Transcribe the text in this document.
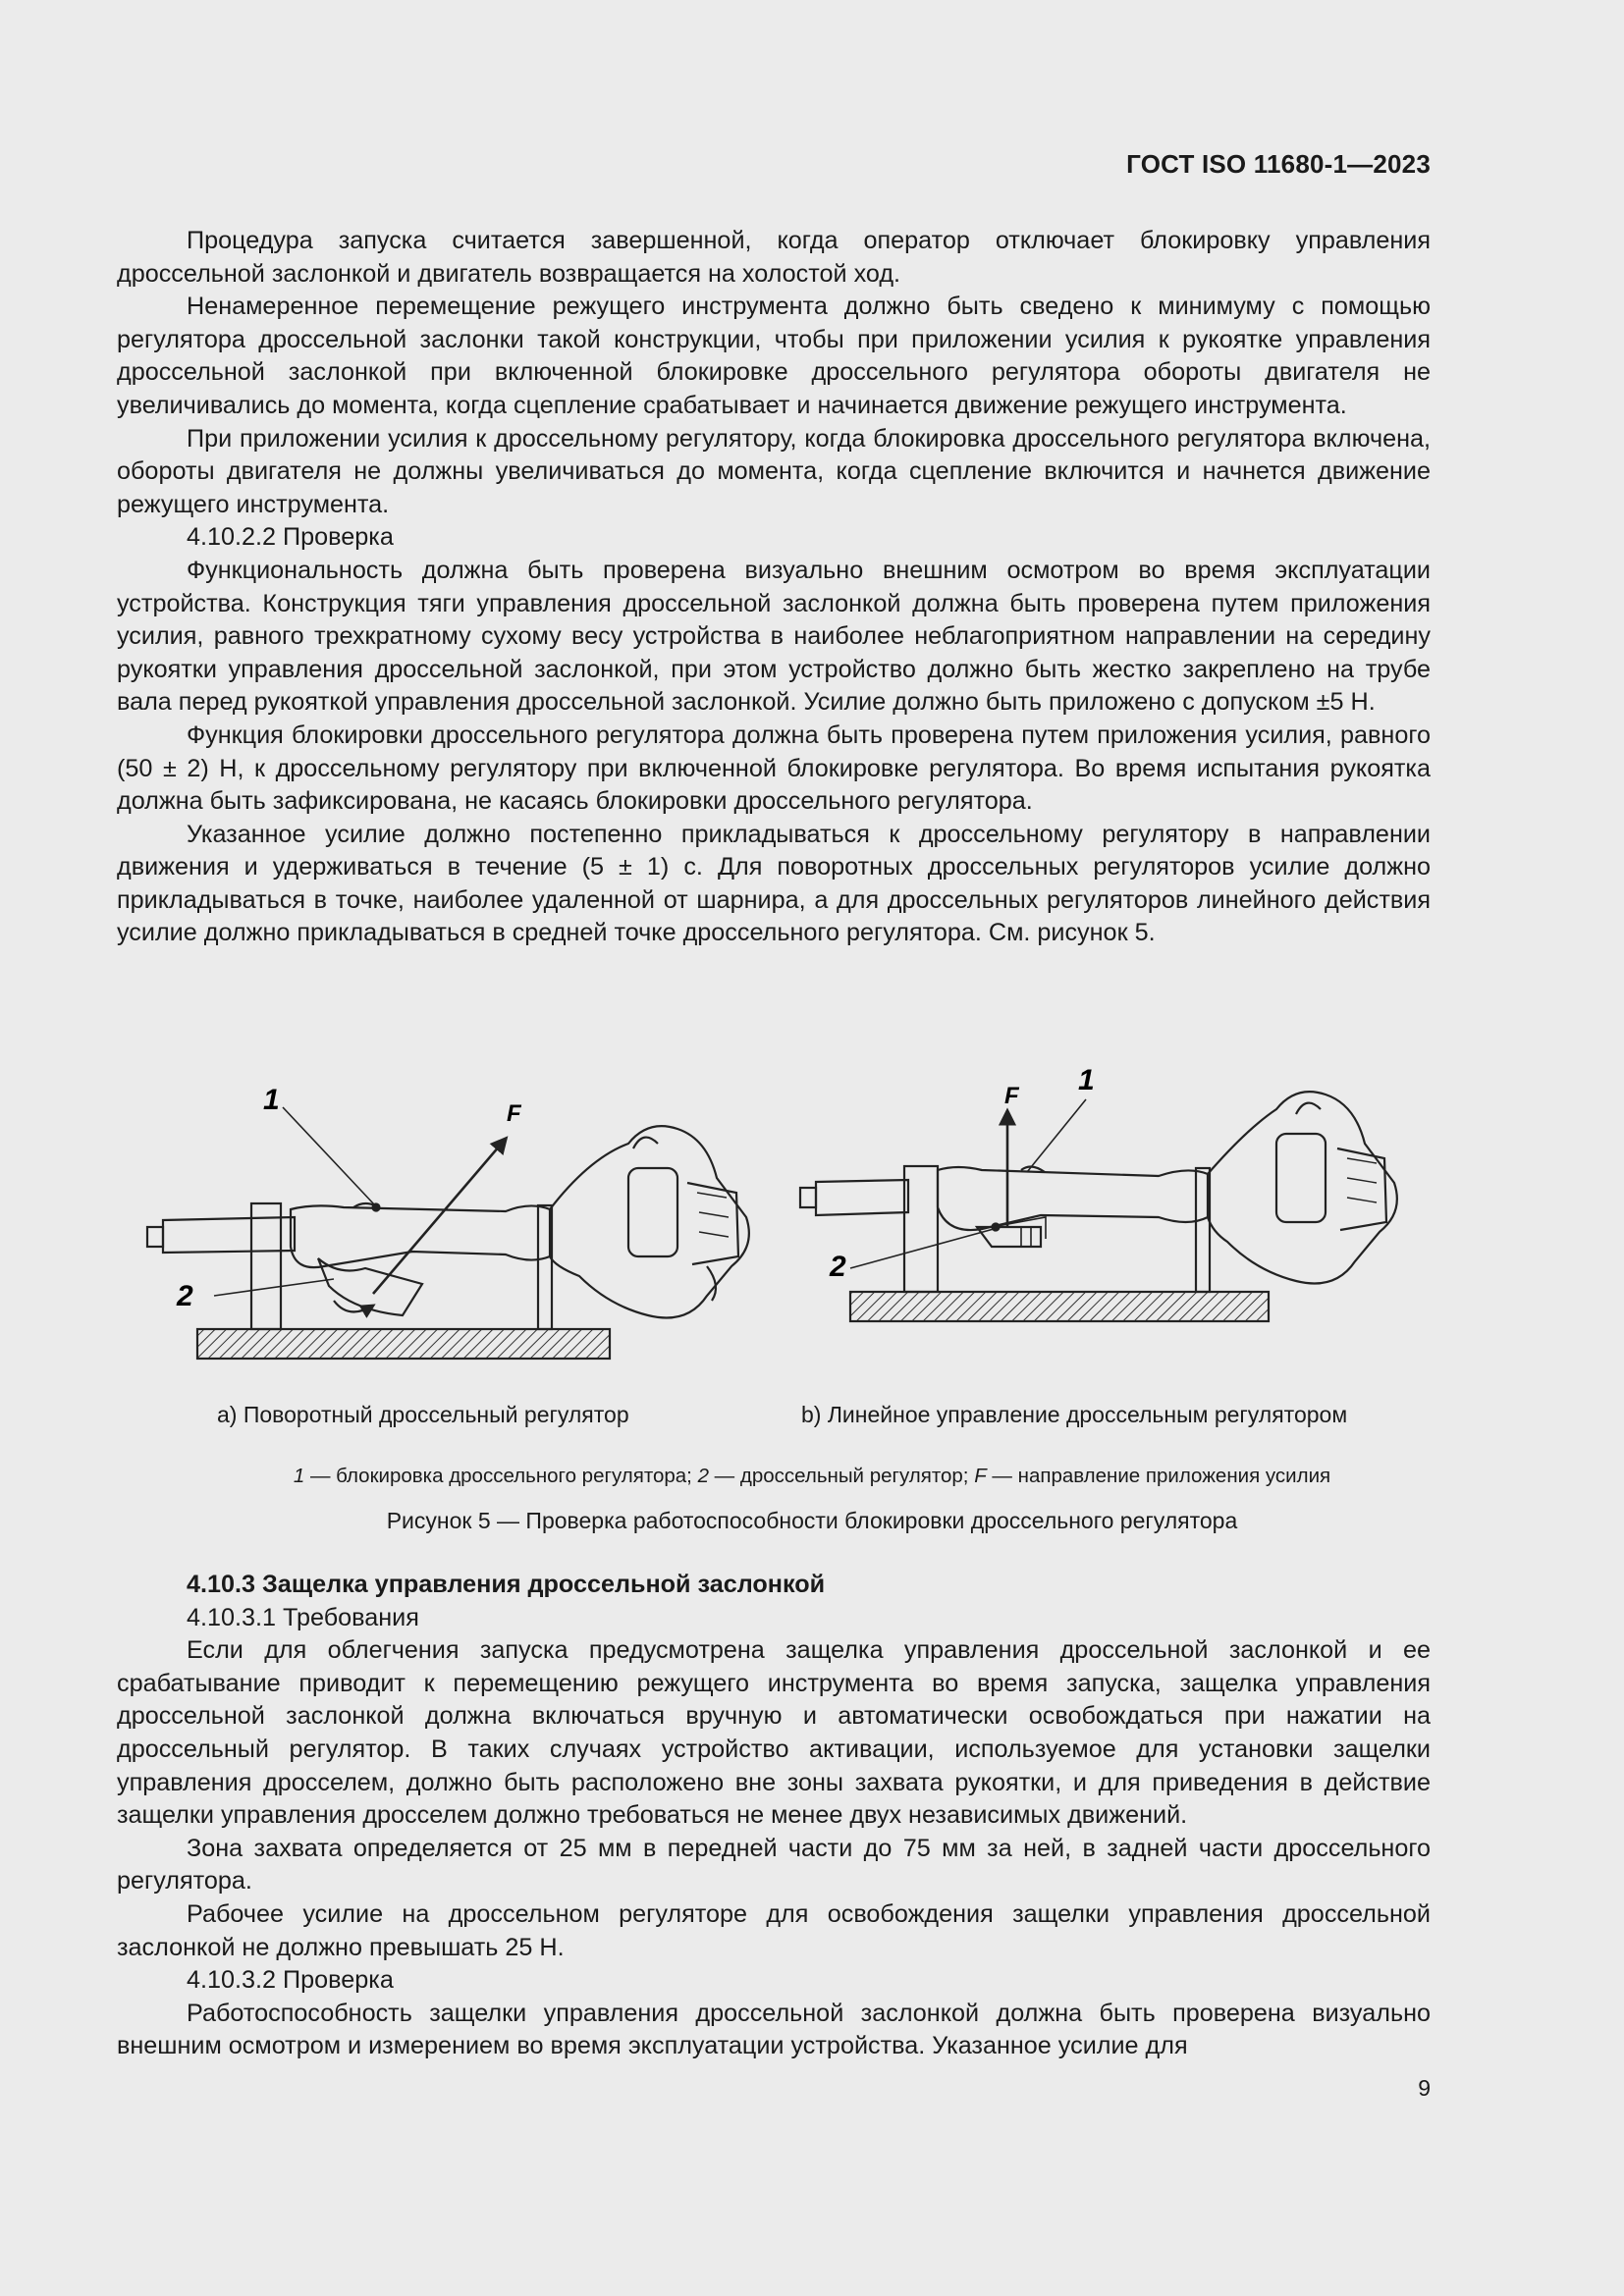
ГОСТ ISO 11680-1—2023

Процедура запуска считается завершенной, когда оператор отключает блокировку управления дроссельной заслонкой и двигатель возвращается на холостой ход.

Ненамеренное перемещение режущего инструмента должно быть сведено к минимуму с помощью регулятора дроссельной заслонки такой конструкции, чтобы при приложении усилия к рукоятке управления дроссельной заслонкой при включенной блокировке дроссельного регулятора обороты двигателя не увеличивались до момента, когда сцепление срабатывает и начинается движение режущего инструмента.

При приложении усилия к дроссельному регулятору, когда блокировка дроссельного регулятора включена, обороты двигателя не должны увеличиваться до момента, когда сцепление включится и начнется движение режущего инструмента.

4.10.2.2 Проверка

Функциональность должна быть проверена визуально внешним осмотром во время эксплуатации устройства. Конструкция тяги управления дроссельной заслонкой должна быть проверена путем приложения усилия, равного трехкратному сухому весу устройства в наиболее неблагоприятном направлении на середину рукоятки управления дроссельной заслонкой, при этом устройство должно быть жестко закреплено на трубе вала перед рукояткой управления дроссельной заслонкой. Усилие должно быть приложено с допуском ±5 Н.

Функция блокировки дроссельного регулятора должна быть проверена путем приложения усилия, равного (50 ± 2) Н, к дроссельному регулятору при включенной блокировке регулятора. Во время испытания рукоятка должна быть зафиксирована, не касаясь блокировки дроссельного регулятора.

Указанное усилие должно постепенно прикладываться к дроссельному регулятору в направлении движения и удерживаться в течение (5 ± 1) с. Для поворотных дроссельных регуляторов усилие должно прикладываться в точке, наиболее удаленной от шарнира, а для дроссельных регуляторов линейного действия усилие должно прикладываться в средней точке дроссельного регулятора. См. рисунок 5.

1	F
2
F 1
2
а) Поворотный дроссельный регулятор	b) Линейное управление дроссельным регулятором
1 — блокировка дроссельного регулятора; 2 — дроссельный регулятор; F — направление приложения усилия
Рисунок 5 — Проверка работоспособности блокировки дроссельного регулятора

4.10.3 Защелка управления дроссельной заслонкой

4.10.3.1 Требования

Если для облегчения запуска предусмотрена защелка управления дроссельной заслонкой и ее срабатывание приводит к перемещению режущего инструмента во время запуска, защелка управления дроссельной заслонкой должна включаться вручную и автоматически освобождаться при нажатии на дроссельный регулятор. В таких случаях устройство активации, используемое для установки защелки управления дросселем, должно быть расположено вне зоны захвата рукоятки, и для приведения в действие защелки управления дросселем должно требоваться не менее двух независимых движений.

Зона захвата определяется от 25 мм в передней части до 75 мм за ней, в задней части дроссельного регулятора.

Рабочее усилие на дроссельном регуляторе для освобождения защелки управления дроссельной заслонкой не должно превышать 25 Н.

4.10.3.2 Проверка

Работоспособность защелки управления дроссельной заслонкой должна быть проверена визуально внешним осмотром и измерением во время эксплуатации устройства. Указанное усилие для

9
